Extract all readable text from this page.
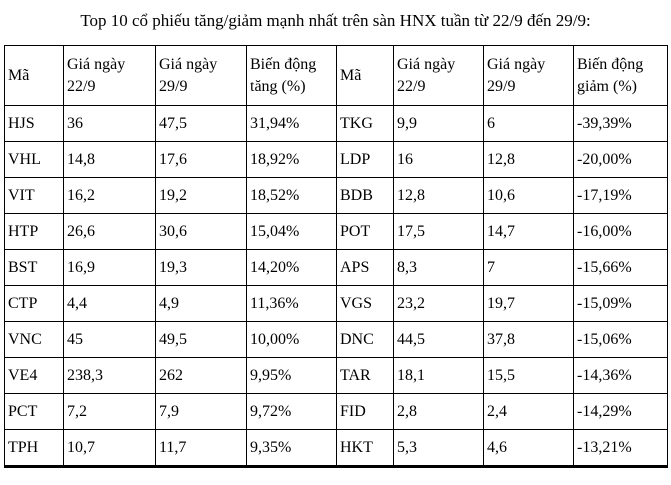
Top 10 cổ phiếu tăng/giảm mạnh nhất trên sàn HNX tuần từ 22/9 đến 29/9:
Mã	Giá ngày 22/9	Giá ngày 29/9	Biến động tăng (%)	Mã	Giá ngày 22/9	Giá ngày 29/9	Biến động giảm (%)
HJS	36	47,5	31,94%	TKG	9,9	6	-39,39%
VHL	14,8	17,6	18,92%	LDP	16	12,8	-20,00%
VIT	16,2	19,2	18,52%	BDB	12,8	10,6	-17,19%
HTP	26,6	30,6	15,04%	POT	17,5	14,7	-16,00%
BST	16,9	19,3	14,20%	APS	8,3	7	-15,66%
CTP	4,4	4,9	11,36%	VGS	23,2	19,7	-15,09%
VNC	45	49,5	10,00%	DNC	44,5	37,8	-15,06%
VE4	238,3	262	9,95%	TAR	18,1	15,5	-14,36%
PCT	7,2	7,9	9,72%	FID	2,8	2,4	-14,29%
TPH	10,7	11,7	9,35%	HKT	5,3	4,6	-13,21%
